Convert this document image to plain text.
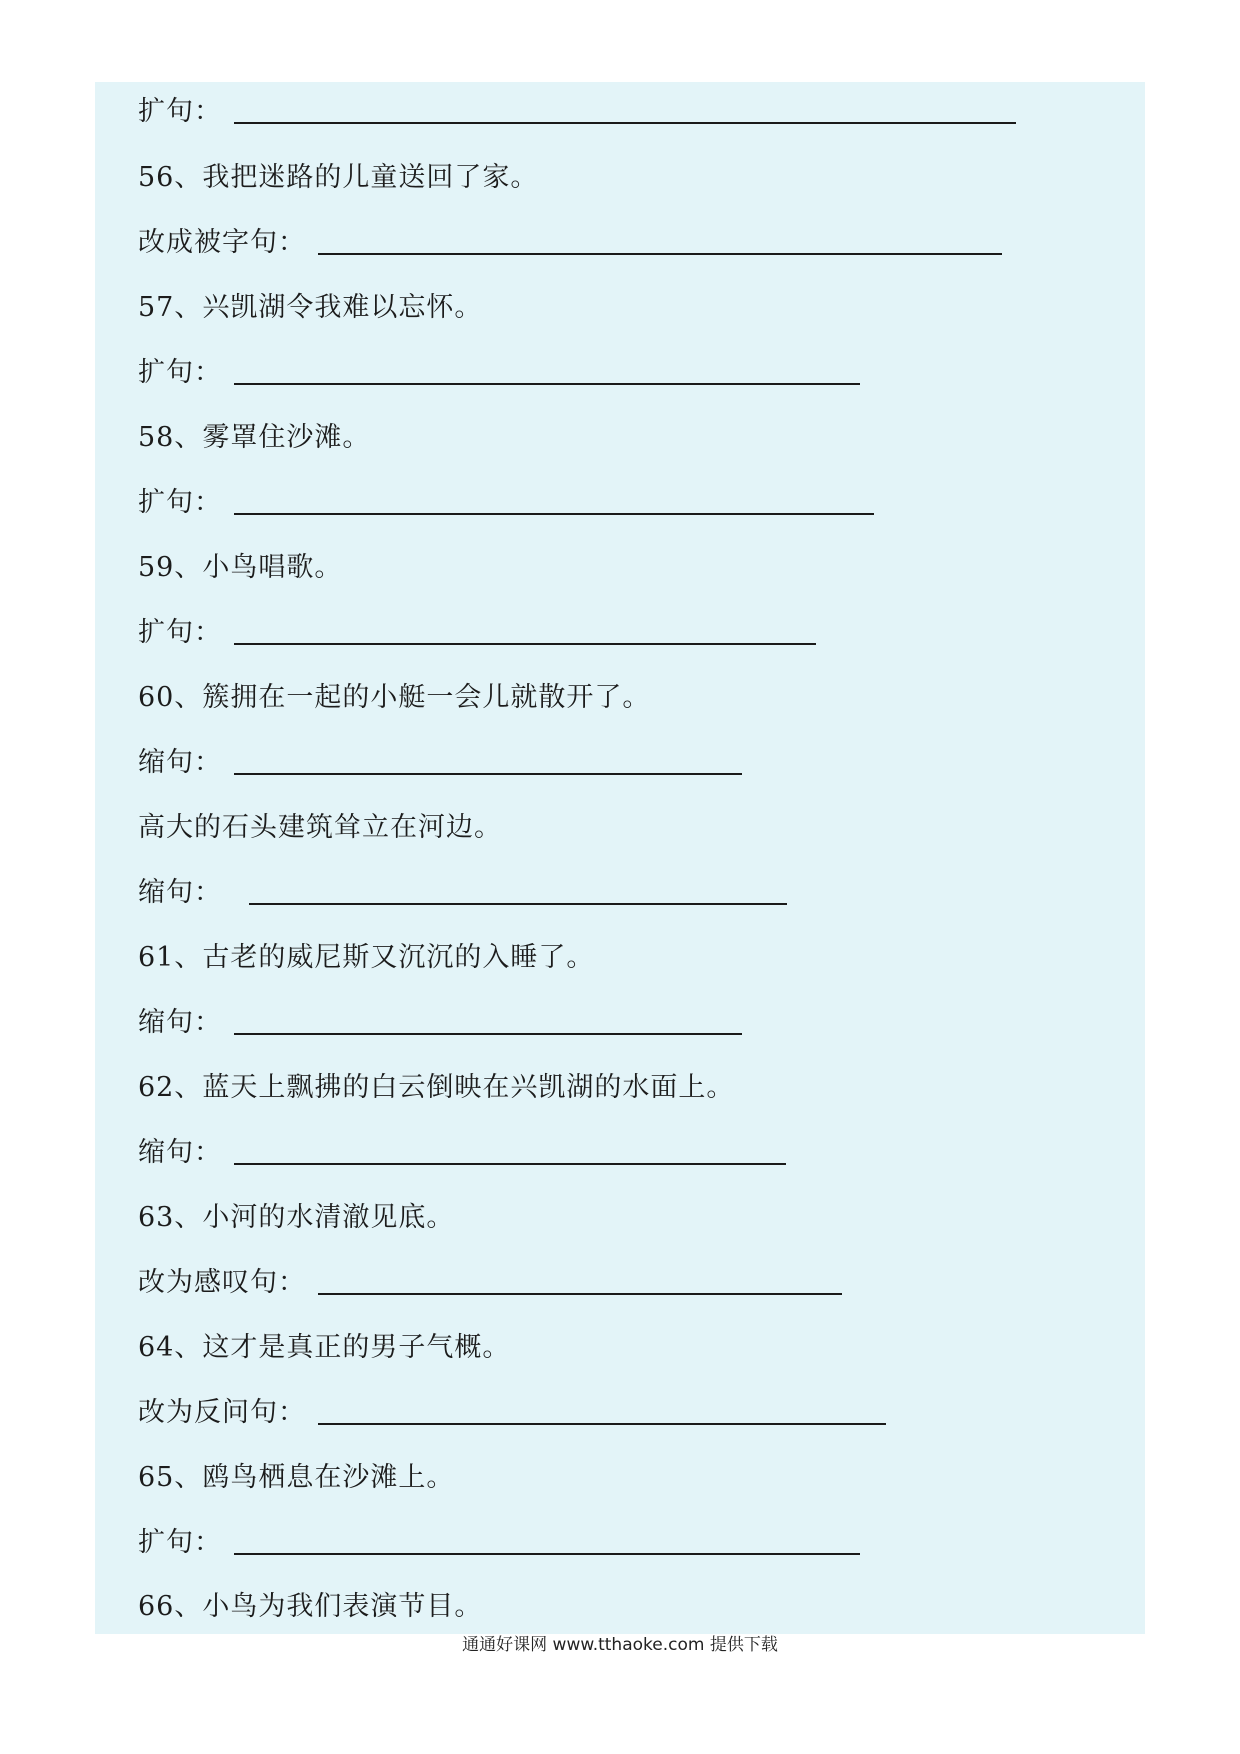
扩句：
56、我把迷路的儿童送回了家。
改成被字句：
57、兴凯湖令我难以忘怀。
扩句：
58、雾罩住沙滩。
扩句：
59、小鸟唱歌。
扩句：
60、簇拥在一起的小艇一会儿就散开了。
缩句：
高大的石头建筑耸立在河边。
缩句：
61、古老的威尼斯又沉沉的入睡了。
缩句：
62、蓝天上飘拂的白云倒映在兴凯湖的水面上。
缩句：
63、小河的水清澈见底。
改为感叹句：
64、这才是真正的男子气概。
改为反问句：
65、鸥鸟栖息在沙滩上。
扩句：
66、小鸟为我们表演节目。
通通好课网 www.tthaoke.com 提供下载
